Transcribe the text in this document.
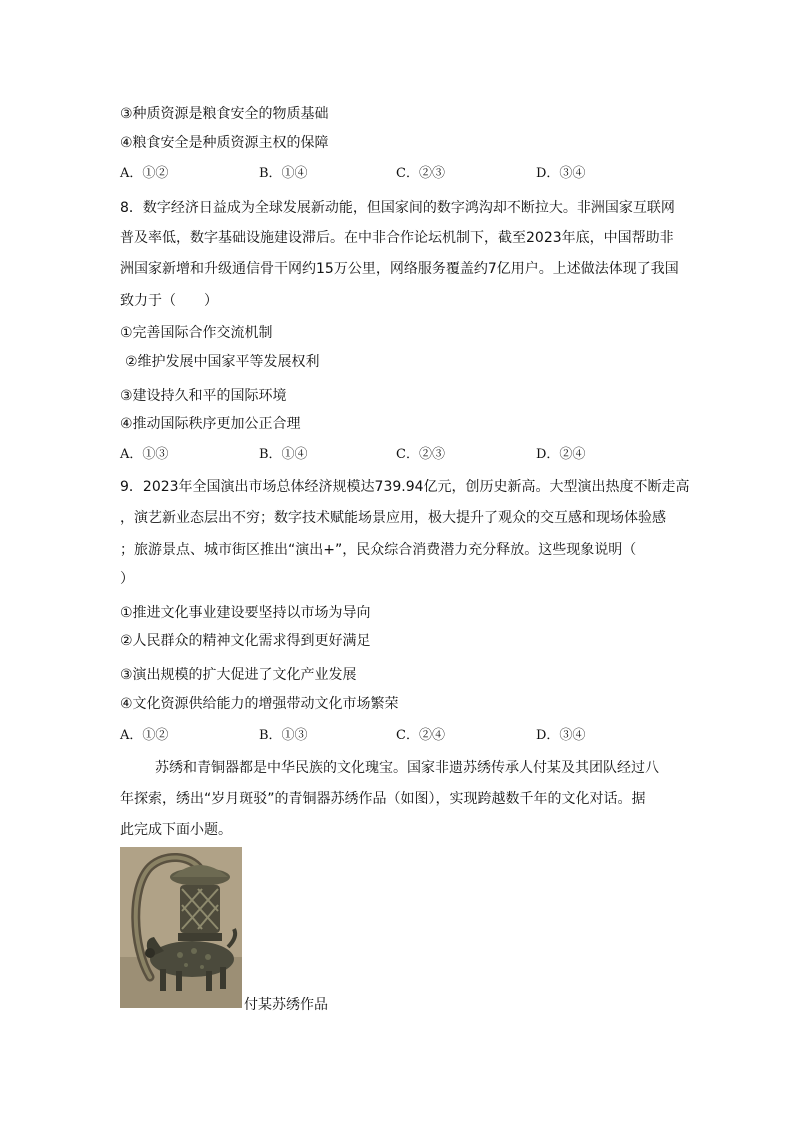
③种质资源是粮食安全的物质基础
④粮食安全是种质资源主权的保障
A．①②	B．①④	C．②③	D．③④
8．数字经济日益成为全球发展新动能，但国家间的数字鸿沟却不断拉大。非洲国家互联网
普及率低，数字基础设施建设滞后。在中非合作论坛机制下，截至2023年底，中国帮助非
洲国家新增和升级通信骨干网约15万公里，网络服务覆盖约7亿用户。上述做法体现了我国
致力于（　　）
①完善国际合作交流机制
②维护发展中国家平等发展权利
③建设持久和平的国际环境
④推动国际秩序更加公正合理
A．①③	B．①④	C．②③	D．②④
9．2023年全国演出市场总体经济规模达739.94亿元，创历史新高。大型演出热度不断走高
，演艺新业态层出不穷；数字技术赋能场景应用，极大提升了观众的交互感和现场体验感
；旅游景点、城市街区推出“演出+”，民众综合消费潜力充分释放。这些现象说明（
）
①推进文化事业建设要坚持以市场为导向
②人民群众的精神文化需求得到更好满足
③演出规模的扩大促进了文化产业发展
④文化资源供给能力的增强带动文化市场繁荣
A．①②	B．①③	C．②④	D．③④
苏绣和青铜器都是中华民族的文化瑰宝。国家非遗苏绣传承人付某及其团队经过八
年探索，绣出“岁月斑驳”的青铜器苏绣作品（如图），实现跨越数千年的文化对话。据
此完成下面小题。
付某苏绣作品
